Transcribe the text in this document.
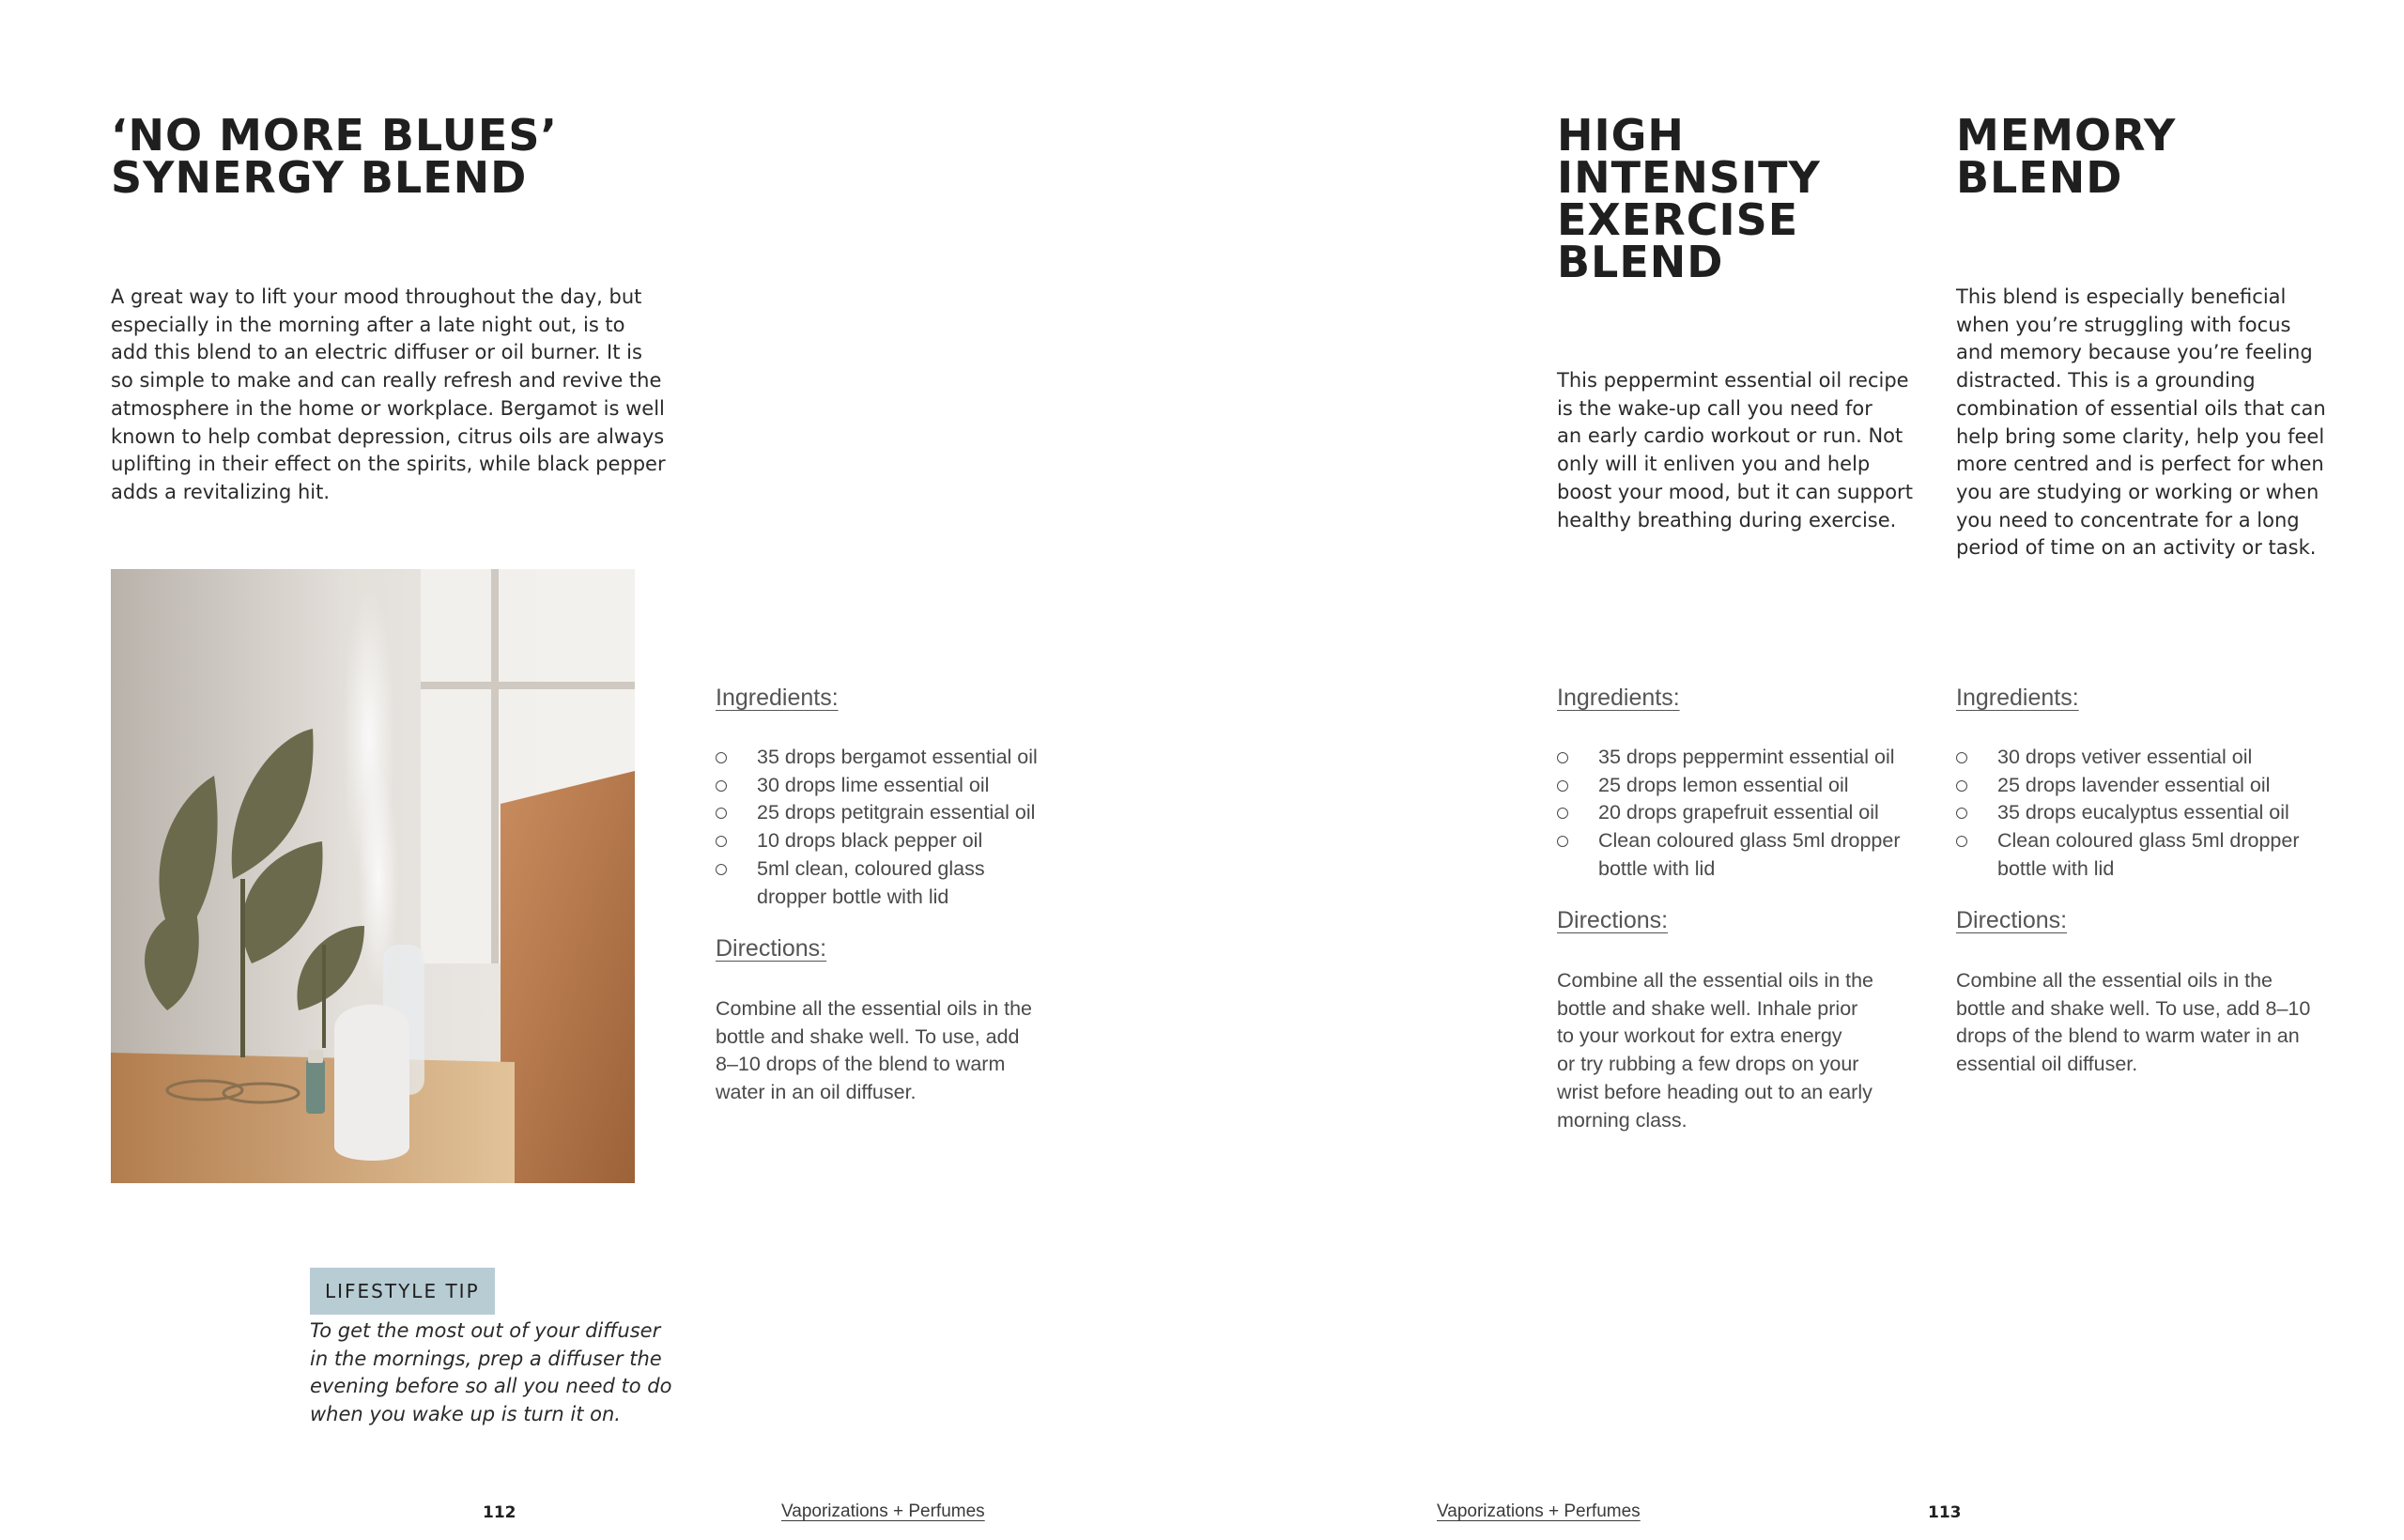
‘NO MORE BLUES’
SYNERGY BLEND
A great way to lift your mood throughout the day, but
especially in the morning after a late night out, is to
add this blend to an electric diffuser or oil burner. It is
so simple to make and can really refresh and revive the
atmosphere in the home or workplace. Bergamot is well
known to help combat depression, citrus oils are always
uplifting in their effect on the spirits, while black pepper
adds a revitalizing hit.
Ingredients:
35 drops bergamot essential oil
30 drops lime essential oil
25 drops petitgrain essential oil
10 drops black pepper oil
5ml clean, coloured glass
dropper bottle with lid
Directions:
Combine all the essential oils in the
bottle and shake well. To use, add
8–10 drops of the blend to warm
water in an oil diffuser.
LIFESTYLE TIP
To get the most out of your diffuser
in the mornings, prep a diffuser the
evening before so all you need to do
when you wake up is turn it on.
112	Vaporizations + Perfumes	Vaporizations + Perfumes	113
HIGH
INTENSITY
EXERCISE
BLEND
This peppermint essential oil recipe
is the wake-up call you need for
an early cardio workout or run. Not
only will it enliven you and help
boost your mood, but it can support
healthy breathing during exercise.
Ingredients:
35 drops peppermint essential oil
25 drops lemon essential oil
20 drops grapefruit essential oil
Clean coloured glass 5ml dropper
bottle with lid
Directions:
Combine all the essential oils in the
bottle and shake well. Inhale prior
to your workout for extra energy
or try rubbing a few drops on your
wrist before heading out to an early
morning class.
MEMORY
BLEND
This blend is especially beneficial
when you’re struggling with focus
and memory because you’re feeling
distracted. This is a grounding
combination of essential oils that can
help bring some clarity, help you feel
more centred and is perfect for when
you are studying or working or when
you need to concentrate for a long
period of time on an activity or task.
Ingredients:
30 drops vetiver essential oil
25 drops lavender essential oil
35 drops eucalyptus essential oil
Clean coloured glass 5ml dropper
bottle with lid
Directions:
Combine all the essential oils in the
bottle and shake well. To use, add 8–10
drops of the blend to warm water in an
essential oil diffuser.
